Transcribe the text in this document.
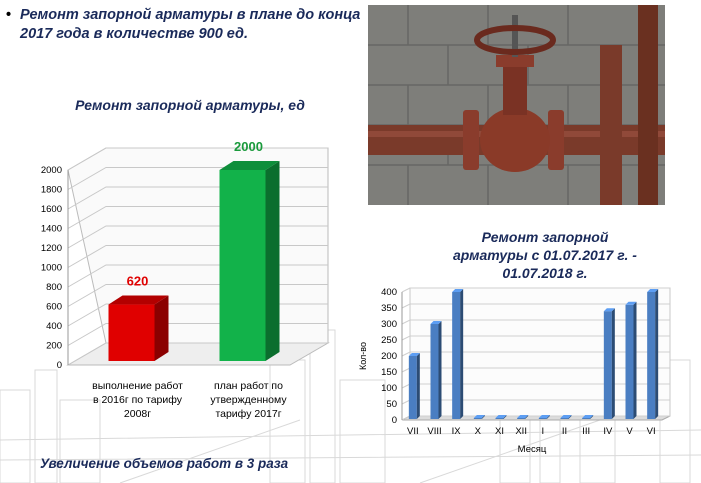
• Ремонт запорной арматуры в плане до конца 2017 года в количестве 900 ед.
Ремонт запорной арматуры, ед
0
200
400
600
800
1000
1200
1400
1600
1800
2000
620
выполнение работ
в 2016г по тарифу
2008г
2000
план работ по
утвержденному
тарифу 2017г
Ремонт запорной
арматуры с 01.07.2017 г. -
01.07.2018 г.
0
50
100
150
200
250
300
350
400
Кол-во
VII VIII IX X XI XII I II III IV V VI
Месяц
Увеличение объемов работ в 3 раза
